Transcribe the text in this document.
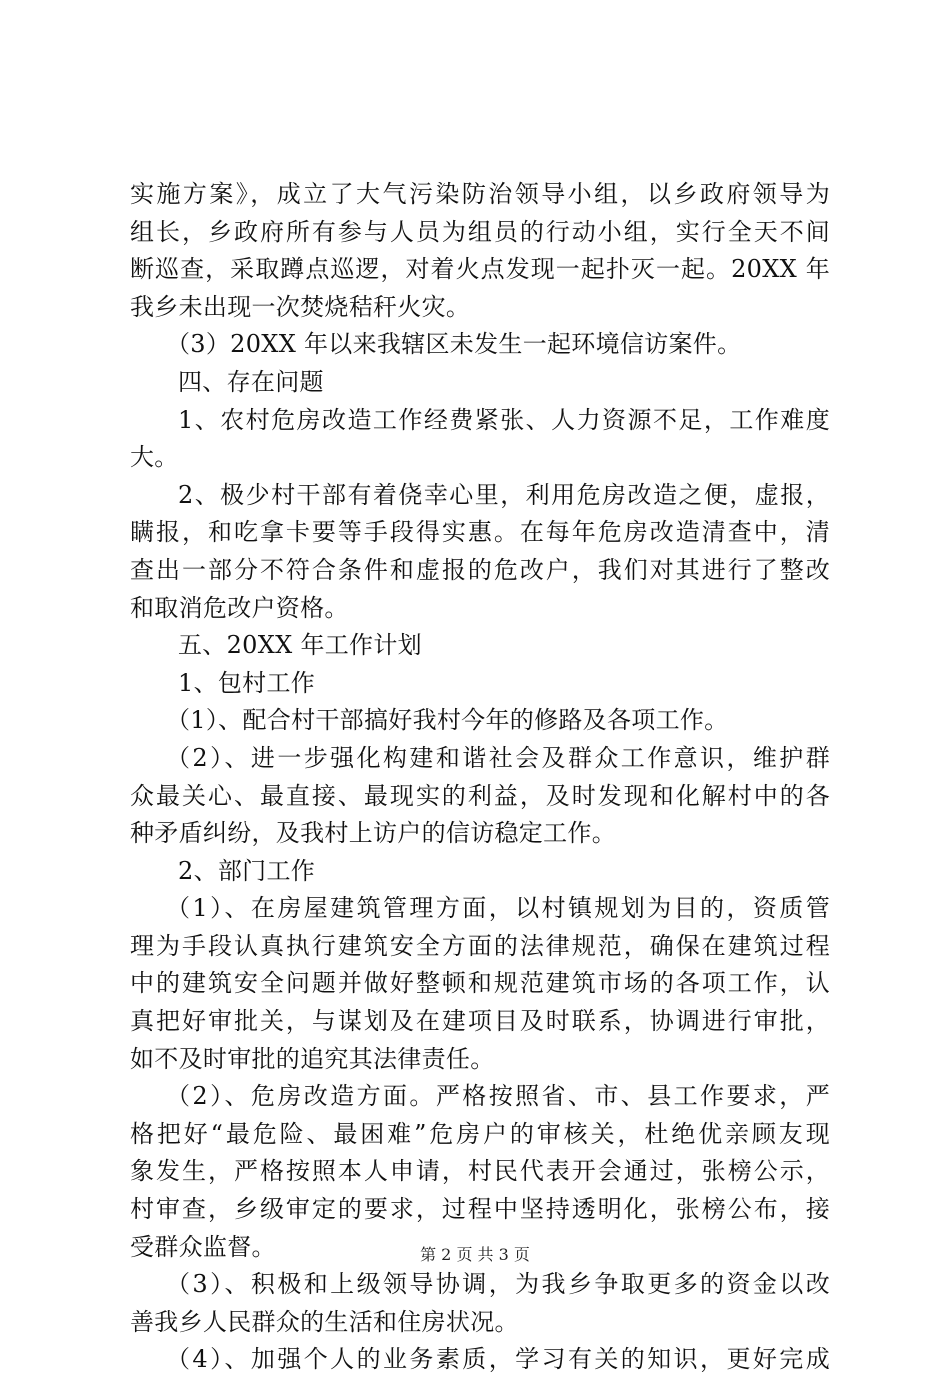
实施方案》，成立了大气污染防治领导小组，以乡政府领导为
组长，乡政府所有参与人员为组员的行动小组，实行全天不间
断巡查，采取蹲点巡逻，对着火点发现一起扑灭一起。20XX 年
我乡未出现一次焚烧秸秆火灾。
（3）20XX 年以来我辖区未发生一起环境信访案件。
四、存在问题
1、农村危房改造工作经费紧张、人力资源不足，工作难度
大。
2、极少村干部有着侥幸心里，利用危房改造之便，虚报，
瞒报，和吃拿卡要等手段得实惠。在每年危房改造清查中，清
查出一部分不符合条件和虚报的危改户，我们对其进行了整改
和取消危改户资格。
五、20XX 年工作计划
1、包村工作
（1）、配合村干部搞好我村今年的修路及各项工作。
（2）、进一步强化构建和谐社会及群众工作意识，维护群
众最关心、最直接、最现实的利益，及时发现和化解村中的各
种矛盾纠纷，及我村上访户的信访稳定工作。
2、部门工作
（1）、在房屋建筑管理方面，以村镇规划为目的，资质管
理为手段认真执行建筑安全方面的法律规范，确保在建筑过程
中的建筑安全问题并做好整顿和规范建筑市场的各项工作，认
真把好审批关，与谋划及在建项目及时联系，协调进行审批，
如不及时审批的追究其法律责任。
（2）、危房改造方面。严格按照省、市、县工作要求，严
格把好“最危险、最困难”危房户的审核关，杜绝优亲顾友现
象发生，严格按照本人申请，村民代表开会通过，张榜公示，
村审查，乡级审定的要求，过程中坚持透明化，张榜公布，接
受群众监督。
（3）、积极和上级领导协调，为我乡争取更多的资金以改
善我乡人民群众的生活和住房状况。
（4）、加强个人的业务素质，学习有关的知识，更好完成
第 2 页 共 3 页
